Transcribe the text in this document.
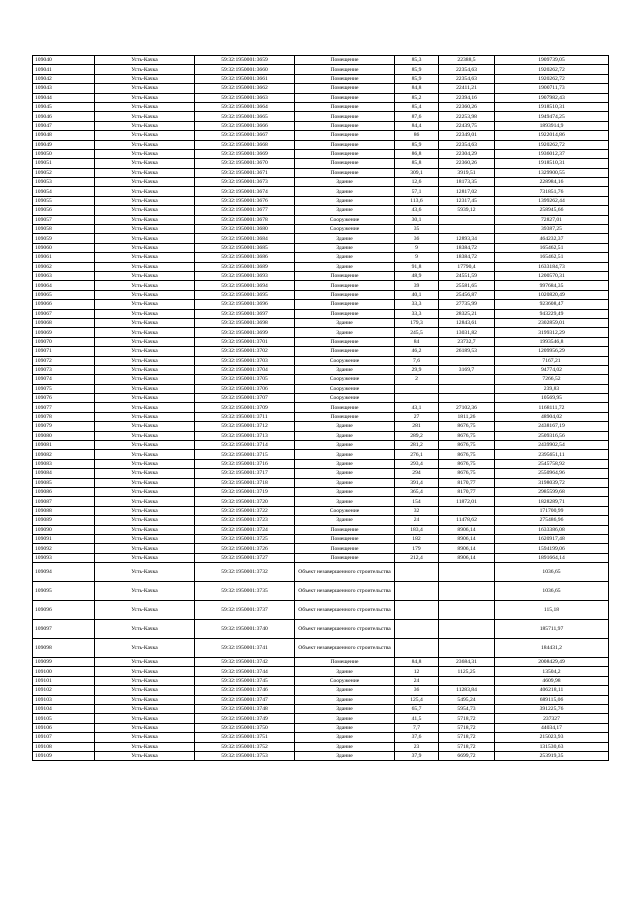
109040	Усть-Качка	59:32:1950001:3659	Помещение	85,3	22388,5	1909739,05
109041	Усть-Качка	59:32:1950001:3660	Помещение	85,9	22354,63	1920262,72
109042	Усть-Качка	59:32:1950001:3661	Помещение	85,9	22354,63	1920262,72
109043	Усть-Качка	59:32:1950001:3662	Помещение	84,8	22411,21	1900711,73
109044	Усть-Качка	59:32:1950001:3663	Помещение	85,2	22394,16	1907982,43
109045	Усть-Качка	59:32:1950001:3664	Помещение	85,4	22360,26	1918510,31
109046	Усть-Качка	59:32:1950001:3665	Помещение	87,6	22253,98	1949474,25
109047	Усть-Качка	59:32:1950001:3666	Помещение	84,4	22439,75	1893914,9
109048	Усть-Качка	59:32:1950001:3667	Помещение	86	22349,01	1922014,86
109049	Усть-Качка	59:32:1950001:3668	Помещение	85,9	22354,63	1920262,72
109050	Усть-Качка	59:32:1950001:3669	Помещение	86,8	22304,29	1936012,37
109051	Усть-Качка	59:32:1950001:3670	Помещение	85,8	22360,26	1918510,31
109052	Усть-Качка	59:32:1950001:3671	Помещение	309,1	3919,51	1329900,55
109053	Усть-Качка	59:32:1950001:3673	Здание	12,6	18173,35	228984,16
109054	Усть-Качка	59:32:1950001:3674	Здание	57,1	12817,02	731851,76
109055	Усть-Качка	59:32:1950001:3676	Здание	113,6	12317,45	1399262,44
109056	Усть-Качка	59:32:1950001:3677	Здание	43,6	5939,12	258945,66
109057	Усть-Качка	59:32:1950001:3678	Сооружение	30,1		72827,01
109058	Усть-Качка	59:32:1950001:3680	Сооружение	35		39387,25
109059	Усть-Качка	59:32:1950001:3684	Здание	36	12893,34	464232,37
109060	Усть-Качка	59:32:1950001:3685	Здание	9	18384,72	165462,51
109061	Усть-Качка	59:32:1950001:3686	Здание	9	18384,72	165462,51
109062	Усть-Качка	59:32:1950001:3689	Здание	91,8	17790,4	1633184,73
109063	Усть-Качка	59:32:1950001:3693	Помещение	48,9	24551,59	1200570,31
109064	Усть-Качка	59:32:1950001:3694	Помещение	39	25581,65	997684,35
109065	Усть-Качка	59:32:1950001:3695	Помещение	40,1	25456,87	1020820,49
109066	Усть-Качка	59:32:1950001:3696	Помещение	33,3	27735,99	923608,47
109067	Усть-Качка	59:32:1950001:3697	Помещение	33,3	28325,21	943229,49
109068	Усть-Качка	59:32:1950001:3698	Здание	179,3	12843,61	2302859,01
109069	Усть-Качка	59:32:1950001:3699	Здание	245,5	13031,82	3199312,29
109070	Усть-Качка	59:32:1950001:3701	Помещение	84	23732,7	1993546,8
109071	Усть-Качка	59:32:1950001:3702	Помещение	46,2	26189,53	1209956,29
109072	Усть-Качка	59:32:1950001:3703	Сооружение	7,6		7167,21
109073	Усть-Качка	59:32:1950001:3704	Здание	29,9	3169,7	94774,02
109074	Усть-Качка	59:32:1950001:3705	Сооружение	2		7266,52
109075	Усть-Качка	59:32:1950001:3706	Сооружение			239,83
109076	Усть-Качка	59:32:1950001:3707	Сооружение			10569,95
109077	Усть-Качка	59:32:1950001:3709	Помещение	43,1	27102,36	1168111,72
109078	Усть-Качка	59:32:1950001:3711	Помещение	27	1811,26	48904,02
109079	Усть-Качка	59:32:1950001:3712	Здание	281	8676,75	2438167,19
109080	Усть-Качка	59:32:1950001:3713	Здание	289,2	8676,75	2509316,56
109081	Усть-Качка	59:32:1950001:3714	Здание	281,2	8676,75	2439902,54
109082	Усть-Качка	59:32:1950001:3715	Здание	276,1	8676,75	2395651,11
109083	Усть-Качка	59:32:1950001:3716	Здание	293,4	8676,75	2545758,92
109084	Усть-Качка	59:32:1950001:3717	Здание	294	8676,75	2550964,96
109085	Усть-Качка	59:32:1950001:3718	Здание	391,4	8170,77	3198039,72
109086	Усть-Качка	59:32:1950001:3719	Здание	365,4	8170,77	2985599,68
109087	Усть-Качка	59:32:1950001:3720	Здание	154	11872,01	1828289,71
109088	Усть-Качка	59:32:1950001:3722	Сооружение	32		171700,99
109089	Усть-Качка	59:32:1950001:3723	Здание	24	11478,62	275486,96
109090	Усть-Качка	59:32:1950001:3724	Помещение	183,4	8906,14	1633386,08
109091	Усть-Качка	59:32:1950001:3725	Помещение	182	8906,14	1620917,48
109092	Усть-Качка	59:32:1950001:3726	Помещение	179	8906,14	1594199,06
109093	Усть-Качка	59:32:1950001:3727	Помещение	212,4	8906,14	1891664,14
109094	Усть-Качка	59:32:1950001:3732	Объект незавершенного строительства			1036,65
109095	Усть-Качка	59:32:1950001:3735	Объект незавершенного строительства			1036,65
109096	Усть-Качка	59:32:1950001:3737	Объект незавершенного строительства			115,18
109097	Усть-Качка	59:32:1950001:3740	Объект незавершенного строительства			185711,97
109098	Усть-Качка	59:32:1950001:3741	Объект незавершенного строительства			184431,2
109099	Усть-Качка	59:32:1950001:3742	Помещение	84,8	23684,31	2008429,49
109100	Усть-Качка	59:32:1950001:3744	Здание	12	1125,25	13504,2
109101	Усть-Качка	59:32:1950001:3745	Сооружение	24		4609,98
109102	Усть-Качка	59:32:1950001:3746	Здание	36	11283,84	406218,11
109103	Усть-Качка	59:32:1950001:3747	Здание	125,4	5495,24	689115,06
109104	Усть-Качка	59:32:1950001:3748	Здание	65,7	5954,73	391225,76
109105	Усть-Качка	59:32:1950001:3749	Здание	41,5	5718,72	237327
109106	Усть-Качка	59:32:1950001:3750	Здание	7,7	5718,72	44034,17
109107	Усть-Качка	59:32:1950001:3751	Здание	37,6	5718,72	215023,93
109108	Усть-Качка	59:32:1950001:3752	Здание	23	5718,72	131530,63
109109	Усть-Качка	59:32:1950001:3753	Здание	37,9	6699,72	253919,35
